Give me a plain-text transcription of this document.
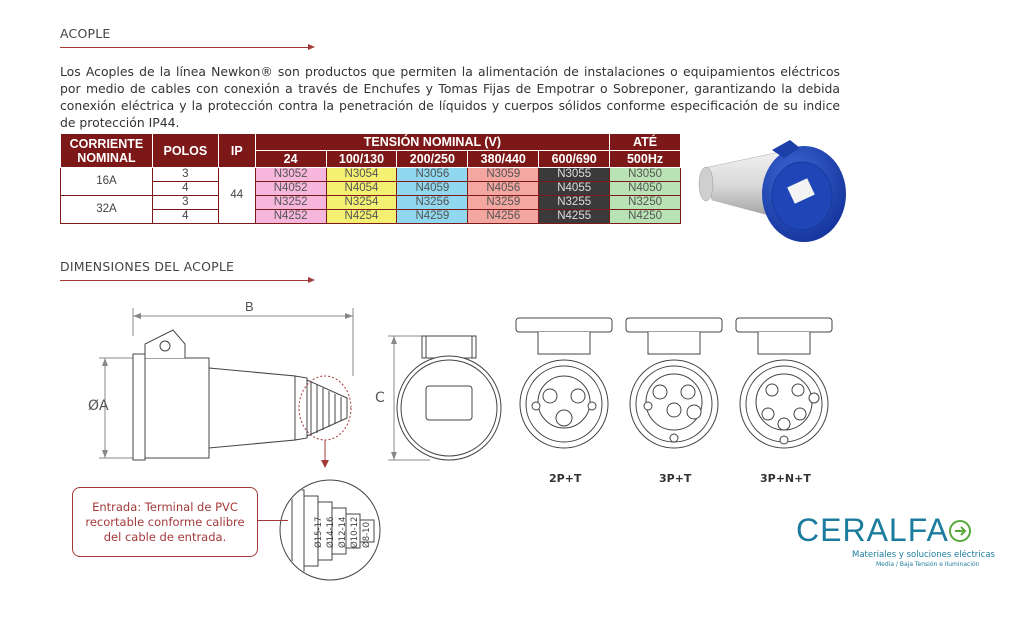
ACOPLE
Los Acoples de la línea Newkon® son productos que permiten la alimentación de instalaciones o equipamientos eléctricos por medio de cables con conexión a través de Enchufes y Tomas Fijas de Empotrar o Sobreponer, garantizando la debida conexión eléctrica y la protección contra la penetración de líquidos y cuerpos sólidos conforme especificación de su indice de protección IP44.
CORRIENTE NOMINAL	POLOS	IP	TENSIÓN NOMINAL (V)					ATÉ
			24	100/130	200/250	380/440	600/690	500Hz
16A	3	44	N3052	N3054	N3056	N3059	N3055	N3050
	4		N4052	N4054	N4059	N4056	N4055	N4050
32A	3		N3252	N3254	N3256	N3259	N3255	N3250
	4		N4252	N4254	N4259	N4256	N4255	N4250
DIMENSIONES DEL ACOPLE
B
ØA
Ø15-17 Ø14-16 Ø12-14 Ø10-12 Ø8-10
Entrada: Terminal de PVC recortable conforme calibre del cable de entrada.
C
2P+T	3P+T	3P+N+T
CERALFA
Materiales y soluciones eléctricas
Media / Baja Tensión e Iluminación
